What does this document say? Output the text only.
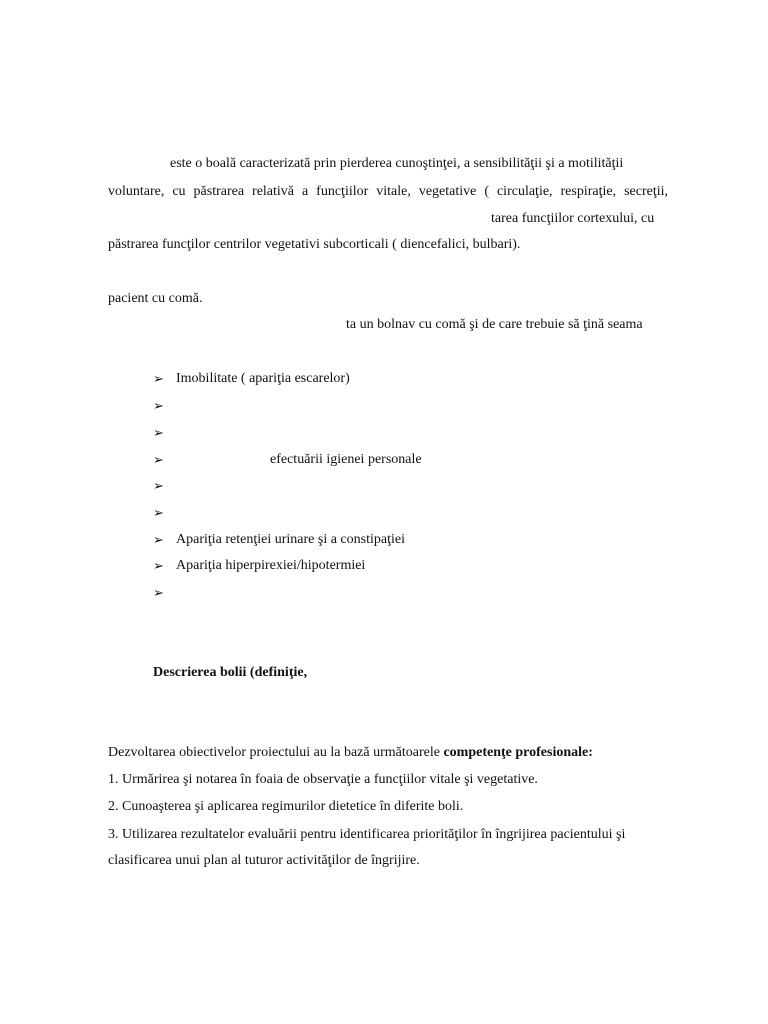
este o boală caracterizată prin pierderea cunoştinţei, a sensibilităţii şi a motilităţii
voluntare, cu păstrarea relativă a funcţiilor vitale, vegetative ( circulaţie, respiraţie, secreţii,
tarea funcţiilor cortexului, cu
păstrarea funcţilor centrilor vegetativi subcorticali ( diencefalici, bulbari).
pacient cu comă.
ta un bolnav cu comă şi de care trebuie să ţină seama
➢ Imobilitate ( apariţia escarelor)
➢
➢
➢	efectuării igienei personale
➢
➢
➢ Apariţia retenţiei urinare şi a constipaţiei
➢ Apariţia hiperpirexiei/hipotermiei
➢
Descrierea bolii (definiţie,
Dezvoltarea obiectivelor proiectului au la bază următoarele competenţe profesionale:
1. Urmărirea şi notarea în foaia de observaţie a funcţiilor vitale şi vegetative.
2. Cunoaşterea şi aplicarea regimurilor dietetice în diferite boli.
3. Utilizarea rezultatelor evaluării pentru identificarea priorităţilor în îngrijirea pacientului şi
clasificarea unui plan al tuturor activităţilor de îngrijire.
